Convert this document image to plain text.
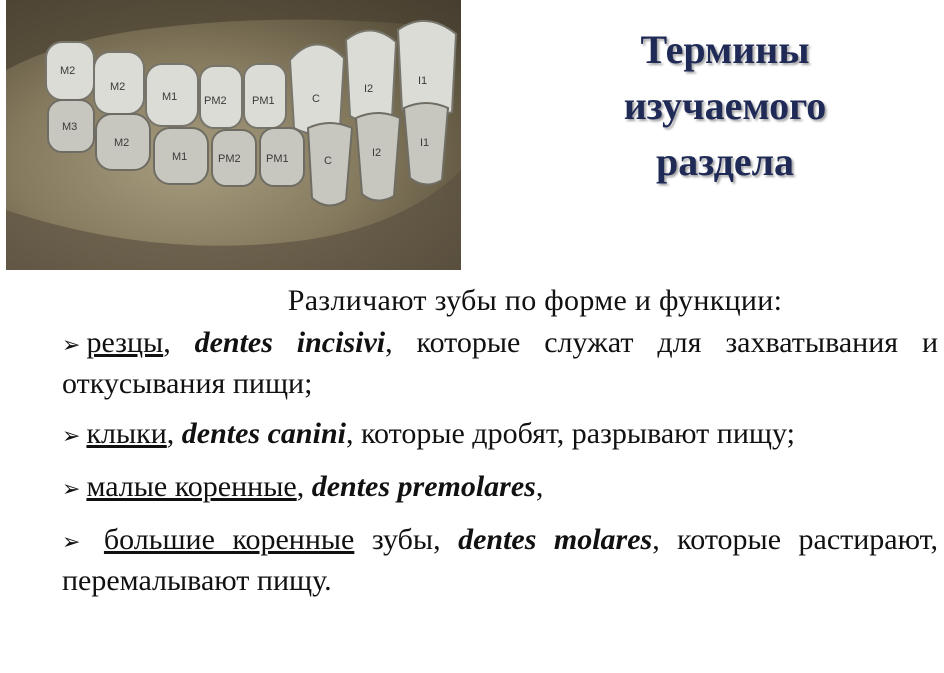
M2
M2
M1 PM2 PM1	C
I2
I1
M3
M2
M1	PM2 PM1	C
I2
I1
Термины
изучаемого
раздела

Различают зубы по форме и функции:

➢ резцы, dentes incisivi, которые служат для захватывания и откусывания пищи;

➢ клыки, dentes canini, которые дробят, разрывают пищу;

➢ малые коренные, dentes premolares,

➢ большие коренные зубы, dentes molares, которые растирают, перемалывают пищу.
